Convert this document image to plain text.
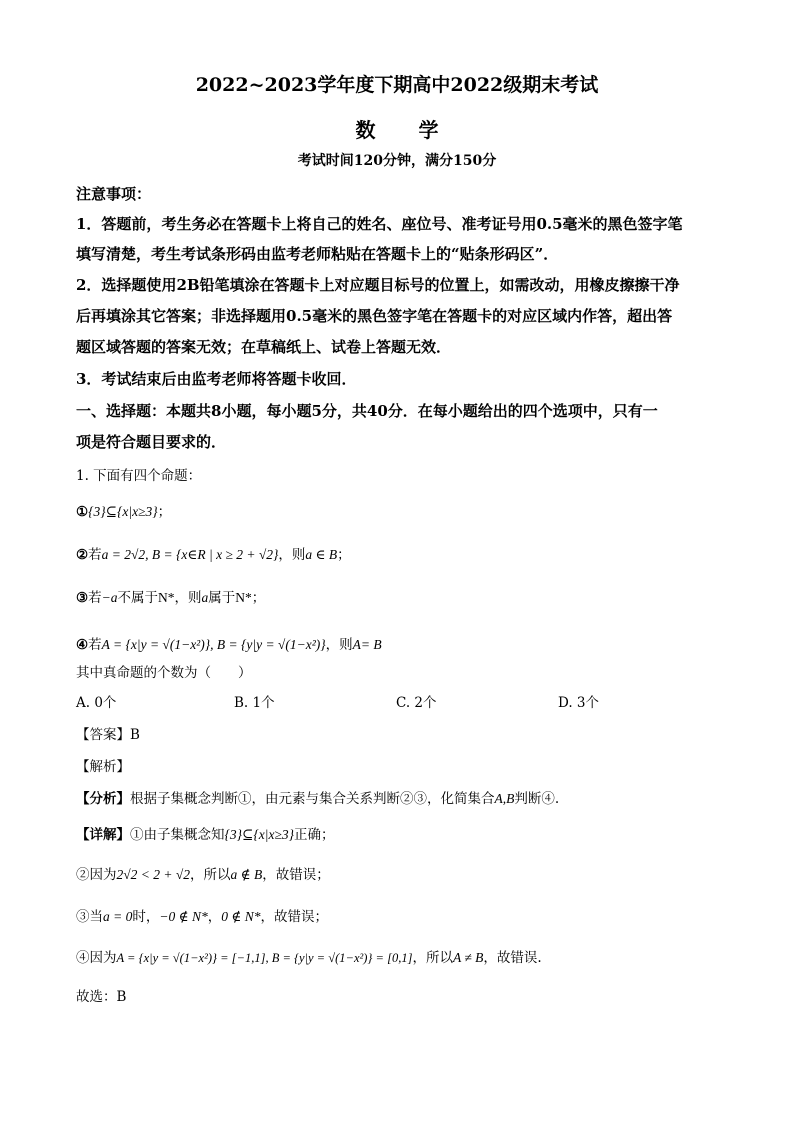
2022~2023学年度下期高中2022级期末考试
数 学
考试时间120分钟，满分150分
注意事项：
1．答题前，考生务必在答题卡上将自己的姓名、座位号、准考证号用0.5毫米的黑色签字笔
填写清楚，考生考试条形码由监考老师粘贴在答题卡上的“贴条形码区”．
2．选择题使用2B铅笔填涂在答题卡上对应题目标号的位置上，如需改动，用橡皮擦擦干净
后再填涂其它答案；非选择题用0.5毫米的黑色签字笔在答题卡的对应区域内作答，超出答
题区域答题的答案无效；在草稿纸上、试卷上答题无效．
3．考试结束后由监考老师将答题卡收回．
一、选择题：本题共8小题，每小题5分，共40分．在每小题给出的四个选项中，只有一
项是符合题目要求的．
1. 下面有四个命题：
①{3}⊆{x|x≥3}；
②若a = 2√2, B = {x∈R | x ≥ 2 + √2}，则a ∈ B；
③若−a不属于N*，则a属于N*；
④若A = {x|y = √(1−x²)}, B = {y|y = √(1−x²)}，则A= B
其中真命题的个数为（　　）
A. 0个	B. 1个	C. 2个	D. 3个
【答案】B
【解析】
【分析】根据子集概念判断①，由元素与集合关系判断②③，化简集合A,B判断④.
【详解】①由子集概念知{3}⊆{x|x≥3}正确；
②因为2√2 < 2 + √2，所以a ∉ B，故错误；
③当a = 0时，−0 ∉ N*，0 ∉ N*，故错误；
④因为A = {x|y = √(1−x²)} = [−1,1], B = {y|y = √(1−x²)} = [0,1]，所以A ≠ B，故错误.
故选：B
